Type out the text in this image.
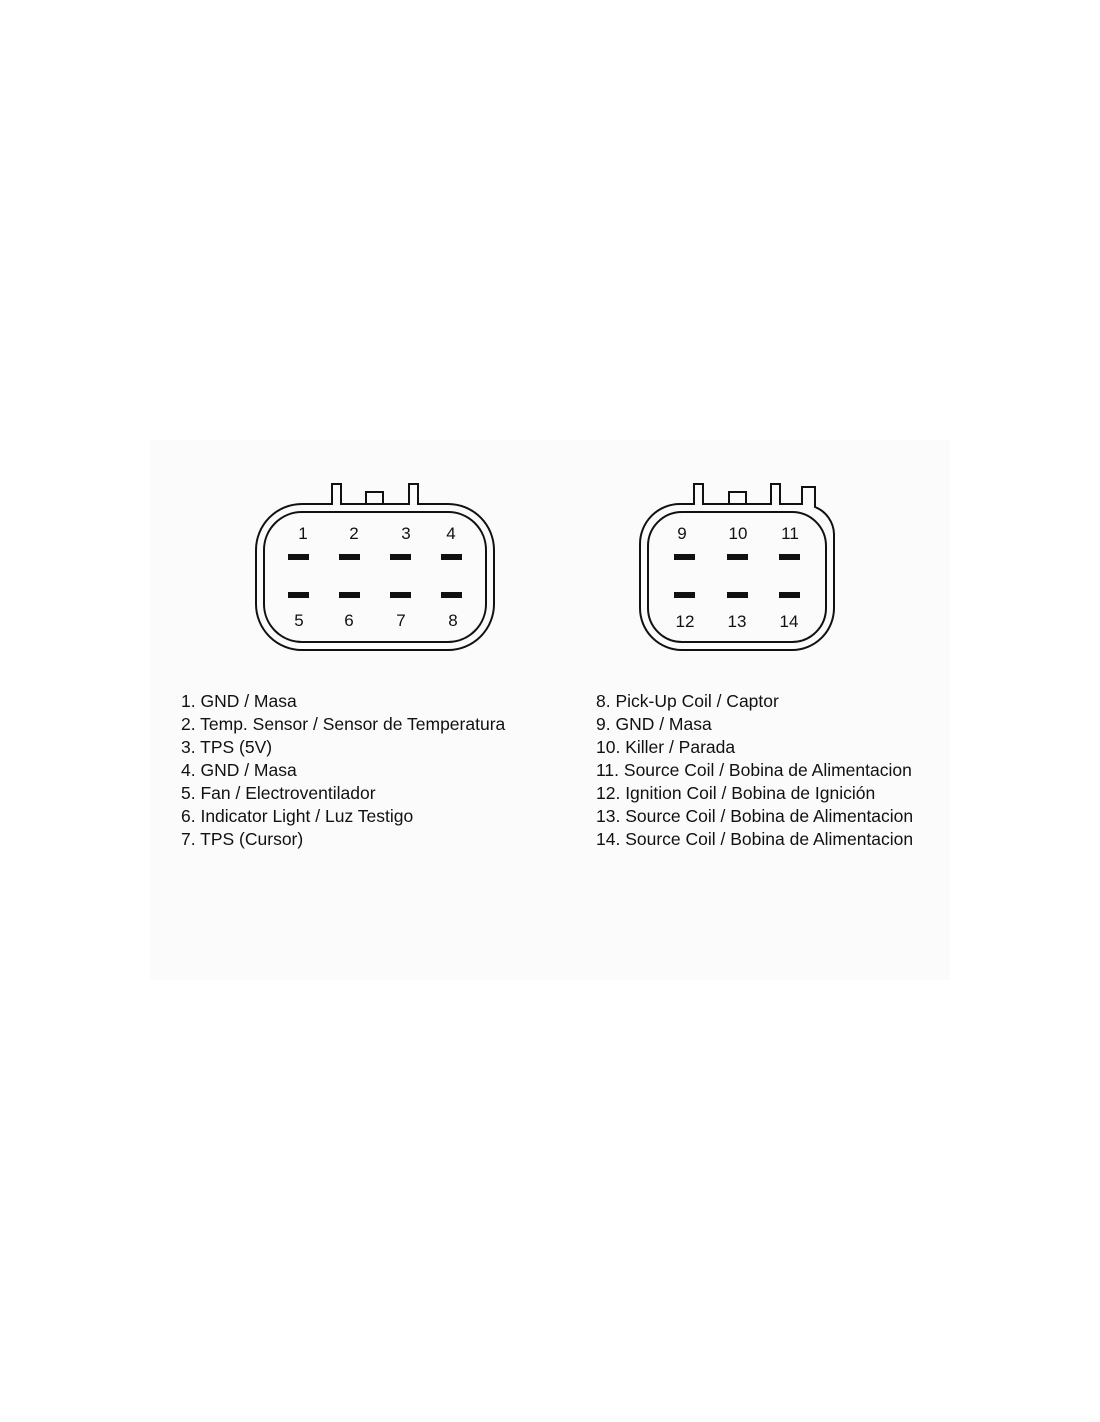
1 2	3 4
5 6	7	8
9 10 11
12 13 14
1. GND / Masa
2. Temp. Sensor / Sensor de Temperatura
3. TPS (5V)
4. GND / Masa
5. Fan / Electroventilador
6. Indicator Light / Luz Testigo
7. TPS (Cursor)
8. Pick-Up Coil / Captor
9. GND / Masa
10. Killer / Parada
11. Source Coil / Bobina de Alimentacion
12. Ignition Coil / Bobina de Ignición
13. Source Coil / Bobina de Alimentacion
14. Source Coil / Bobina de Alimentacion
